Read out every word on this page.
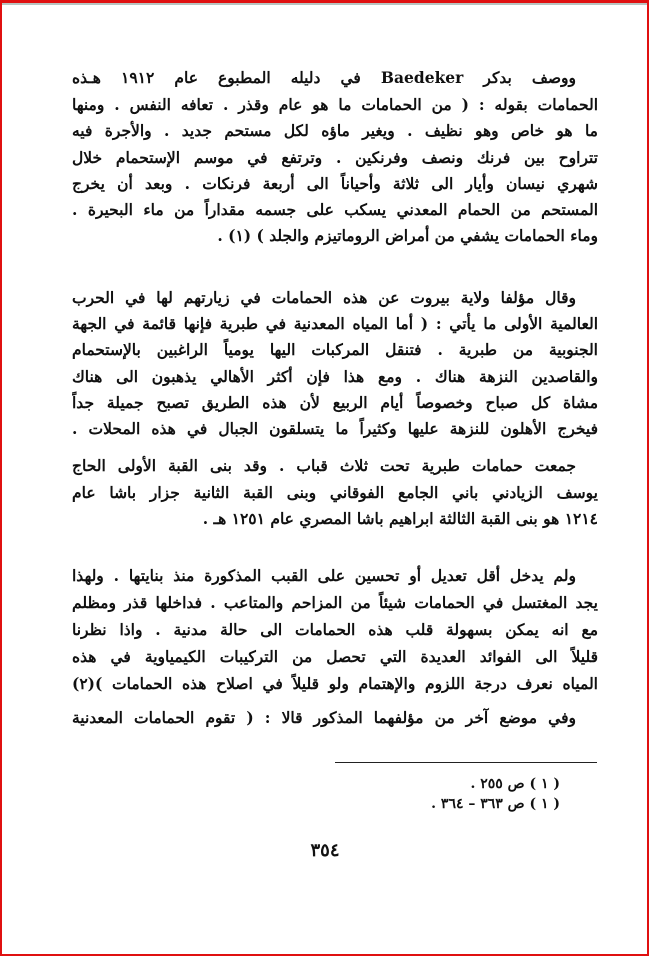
ووصف بدكر Baedeker في دليله المطبوع عام ١٩١٢ هـذه
الحمامات بقوله : ( من الحمامات ما هو عام وقذر . تعافه النفس . ومنها
ما هو خاص وهو نظيف . ويغير ماؤه لكل مستحم جديد . والأجرة فيه
تتراوح بين فرنك ونصف وفرنكين . وترتفع في موسم الإستحمام خلال
شهري نيسان وأيار الى ثلاثة وأحياناً الى أربعة فرنكات . وبعد أن يخرج
المستحم من الحمام المعدني يسكب على جسمه مقداراً من ماء البحيرة .
وماء الحمامات يشفي من أمراض الروماتيزم والجلد ) (١) .
وقال مؤلفا ولاية بيروت عن هذه الحمامات في زيارتهم لها في الحرب
العالمية الأولى ما يأتي : ( أما المياه المعدنية في طبرية فإنها قائمة في الجهة
الجنوبية من طبرية . فتنقل المركبات اليها يومياً الراغبين بالإستحمام
والقاصدين النزهة هناك . ومع هذا فإن أكثر الأهالي يذهبون الى هناك
مشاة كل صباح وخصوصاً أيام الربيع لأن هذه الطريق تصبح جميلة جداً
فيخرج الأهلون للنزهة عليها وكثيراً ما يتسلقون الجبال في هذه المحلات .
جمعت حمامات طبرية تحت ثلاث قباب . وقد بنى القبة الأولى الحاج
يوسف الزيادني باني الجامع الفوقاني وبنى القبة الثانية جزار باشا عام
١٢١٤ هو بنى القبة الثالثة ابراهيم باشا المصري عام ١٢٥١ هـ .
ولم يدخل أقل تعديل أو تحسين على القبب المذكورة منذ بنايتها . ولهذا
يجد المغتسل في الحمامات شيئاً من المزاحم والمتاعب . فداخلها قذر ومظلم
مع انه يمكن بسهولة قلب هذه الحمامات الى حالة مدنية . واذا نظرنا
قليلاً الى الفوائد العديدة التي تحصل من التركيبات الكيمياوية في هذه
المياه نعرف درجة اللزوم والإهتمام ولو قليلاً في اصلاح هذه الحمامات )(٢)
وفي موضع آخر من مؤلفهما المذكور قالا : ( تقوم الحمامات المعدنية
( ١ ) ص ٢٥٥ .
( ١ ) ص ٣٦٣ – ٣٦٤ .
٣٥٤
